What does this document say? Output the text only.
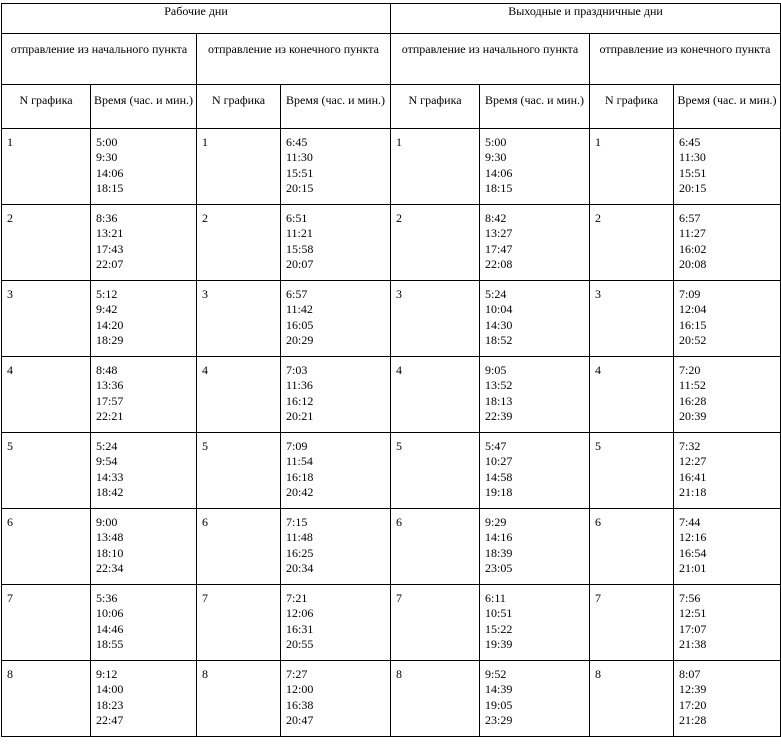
Рабочие дни				Выходные и праздничные дни			

отправление из начального пункта		отправление из конечного пункта		отправление из начального пункта		отправление из конечного пункта	

N графика	Время (час. и мин.)	N графика	Время (час. и мин.)	N графика	Время (час. и мин.)	N графика	Время (час. и мин.)

1	5:00
9:30
14:06
18:15	1	6:45
11:30
15:51
20:15	1	5:00
9:30
14:06
18:15	1	6:45
11:30
15:51
20:15

2	8:36
13:21
17:43
22:07	2	6:51
11:21
15:58
20:07	2	8:42
13:27
17:47
22:08	2	6:57
11:27
16:02
20:08

3	5:12
9:42
14:20
18:29	3	6:57
11:42
16:05
20:29	3	5:24
10:04
14:30
18:52	3	7:09
12:04
16:15
20:52

4	8:48
13:36
17:57
22:21	4	7:03
11:36
16:12
20:21	4	9:05
13:52
18:13
22:39	4	7:20
11:52
16:28
20:39

5	5:24
9:54
14:33
18:42	5	7:09
11:54
16:18
20:42	5	5:47
10:27
14:58
19:18	5	7:32
12:27
16:41
21:18

6	9:00
13:48
18:10
22:34	6	7:15
11:48
16:25
20:34	6	9:29
14:16
18:39
23:05	6	7:44
12:16
16:54
21:01

7	5:36
10:06
14:46
18:55	7	7:21
12:06
16:31
20:55	7	6:11
10:51
15:22
19:39	7	7:56
12:51
17:07
21:38

8	9:12
14:00
18:23
22:47	8	7:27
12:00
16:38
20:47	8	9:52
14:39
19:05
23:29	8	8:07
12:39
17:20
21:28
